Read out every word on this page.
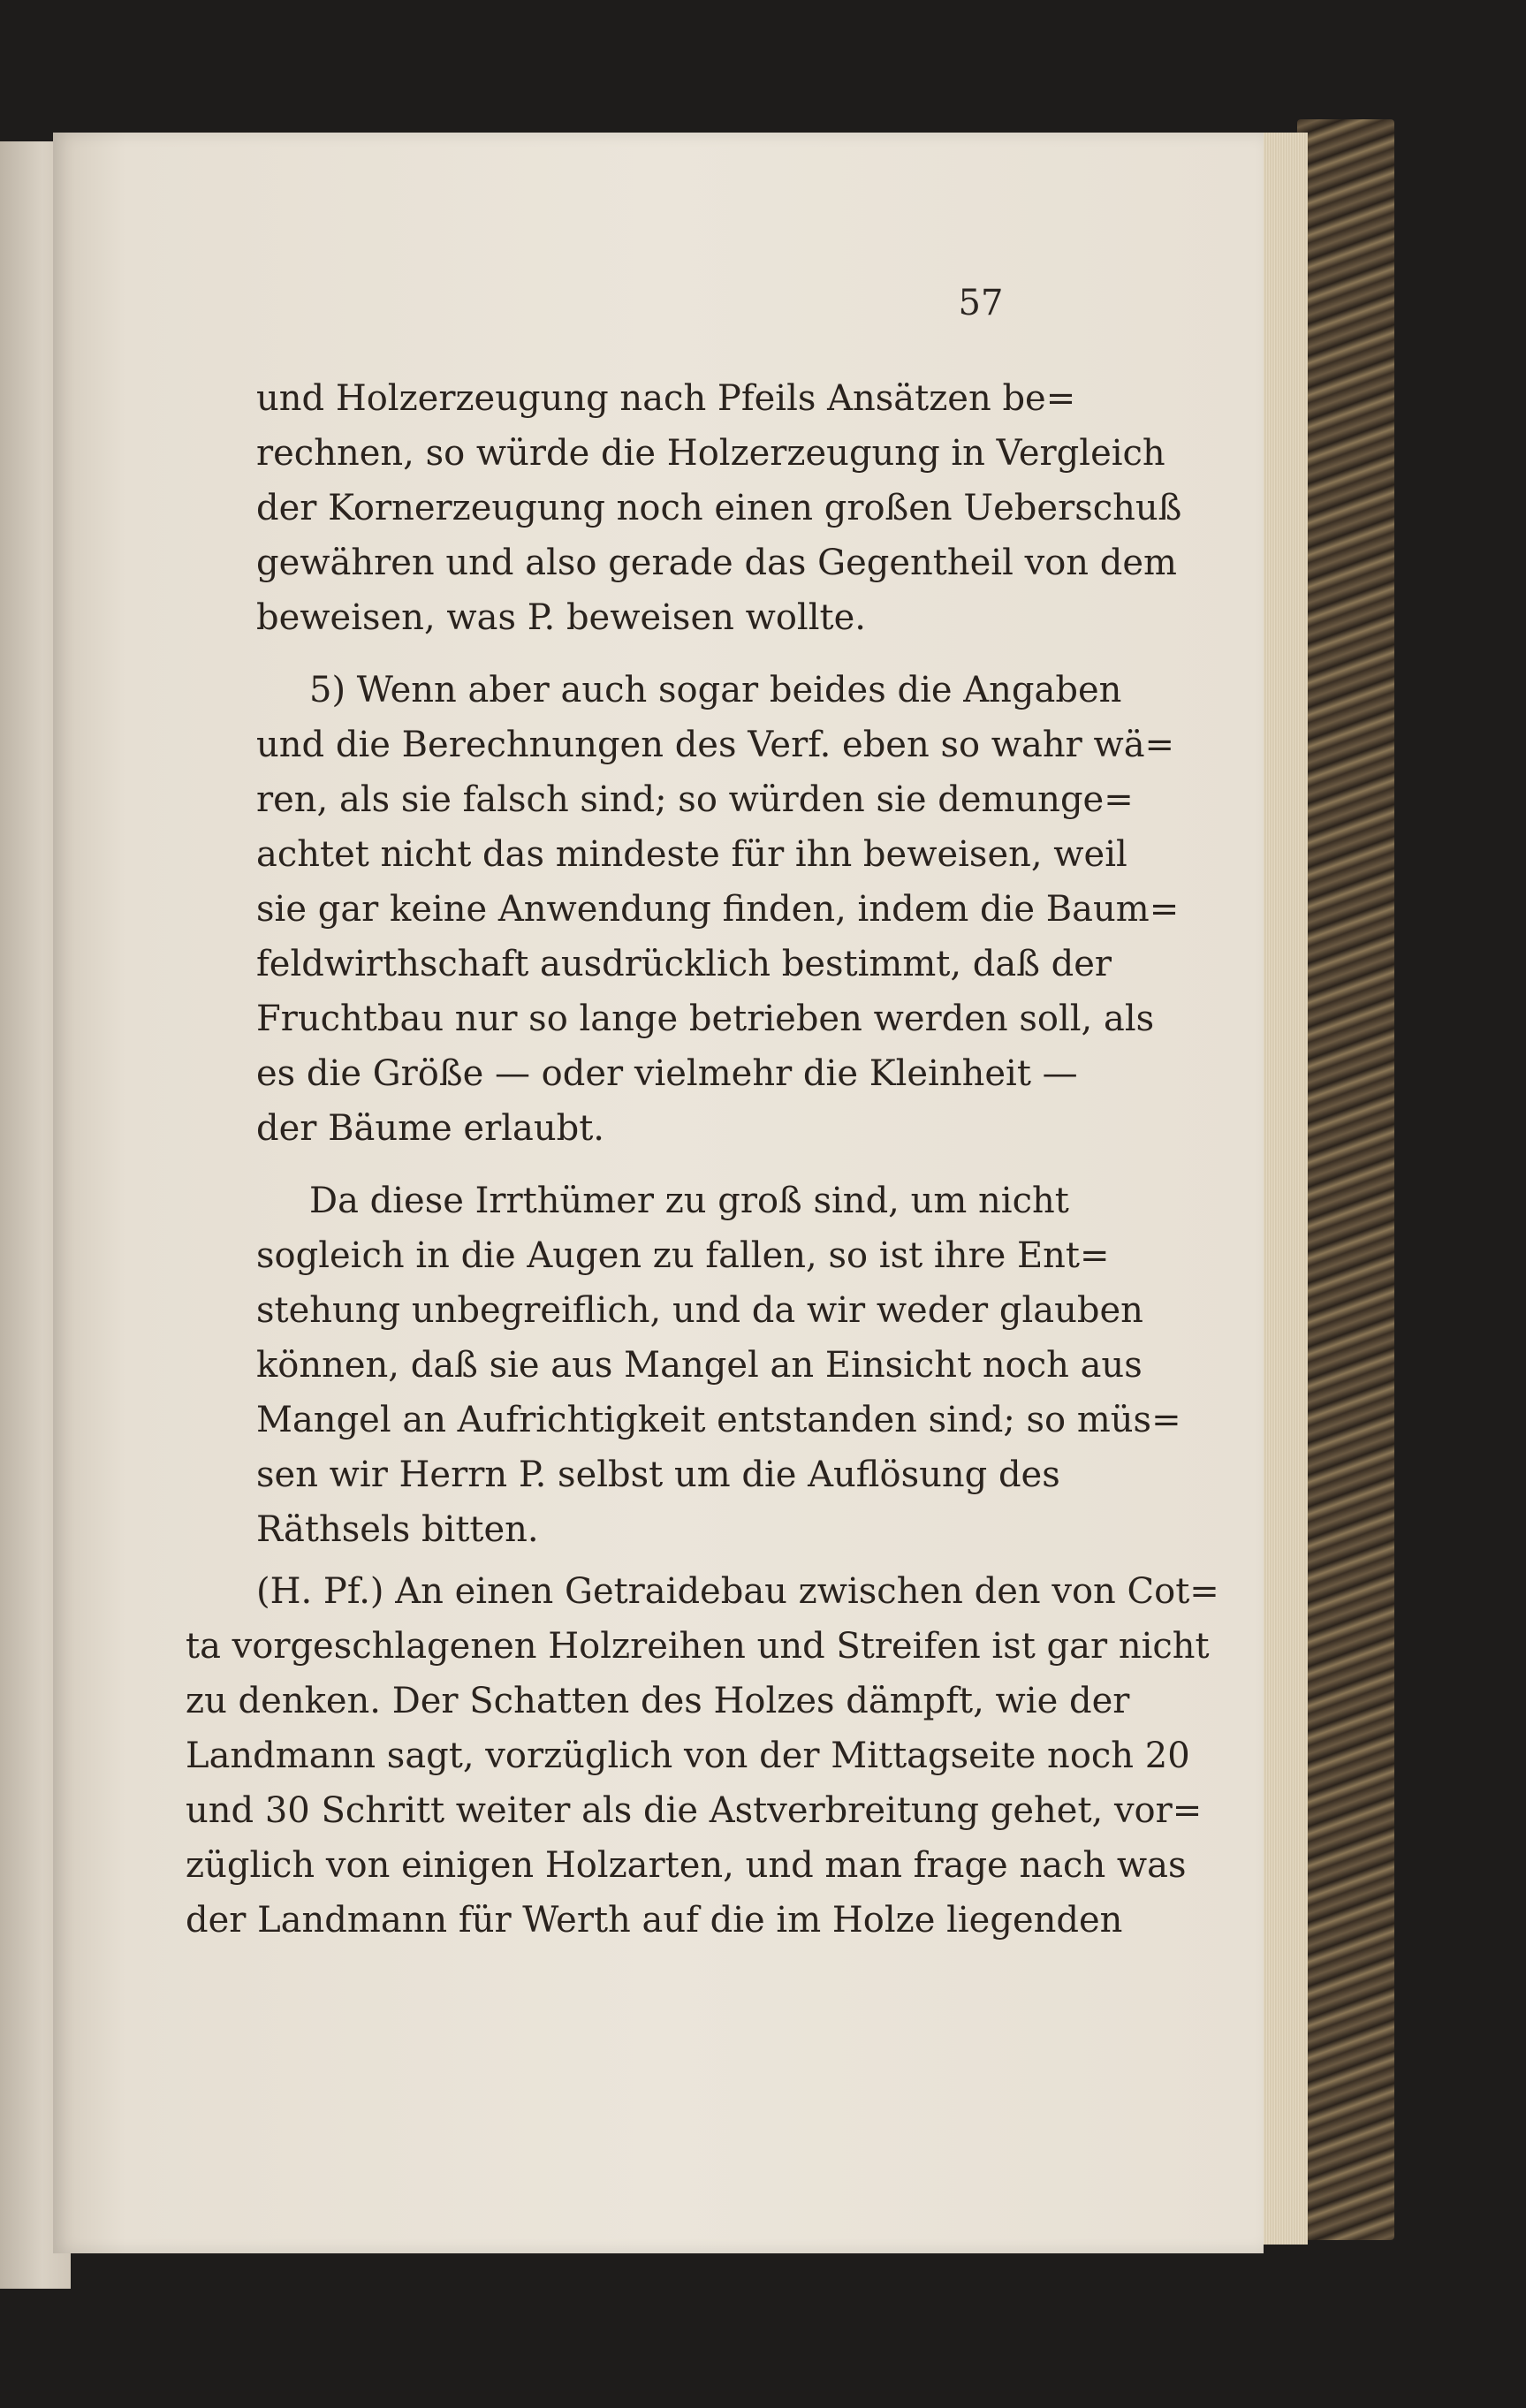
57

und Holzerzeugung nach Pfeils Ansätzen be=
rechnen, so würde die Holzerzeugung in Vergleich
der Kornerzeugung noch einen großen Ueberschuß
gewähren und also gerade das Gegentheil von dem
beweisen, was P. beweisen wollte.

5) Wenn aber auch sogar beides die Angaben
und die Berechnungen des Verf. eben so wahr wä=
ren, als sie falsch sind; so würden sie demunge=
achtet nicht das mindeste für ihn beweisen, weil
sie gar keine Anwendung finden, indem die Baum=
feldwirthschaft ausdrücklich bestimmt, daß der
Fruchtbau nur so lange betrieben werden soll, als
es die Größe — oder vielmehr die Kleinheit —
der Bäume erlaubt.

Da diese Irrthümer zu groß sind, um nicht
sogleich in die Augen zu fallen, so ist ihre Ent=
stehung unbegreiflich, und da wir weder glauben
können, daß sie aus Mangel an Einsicht noch aus
Mangel an Aufrichtigkeit entstanden sind; so müs=
sen wir Herrn P. selbst um die Auflösung des
Räthsels bitten.

(H. Pf.) An einen Getraidebau zwischen den von Cot=
ta vorgeschlagenen Holzreihen und Streifen ist gar nicht
zu denken. Der Schatten des Holzes dämpft, wie der
Landmann sagt, vorzüglich von der Mittagseite noch 20
und 30 Schritt weiter als die Astverbreitung gehet, vor=
züglich von einigen Holzarten, und man frage nach was
der Landmann für Werth auf die im Holze liegenden
